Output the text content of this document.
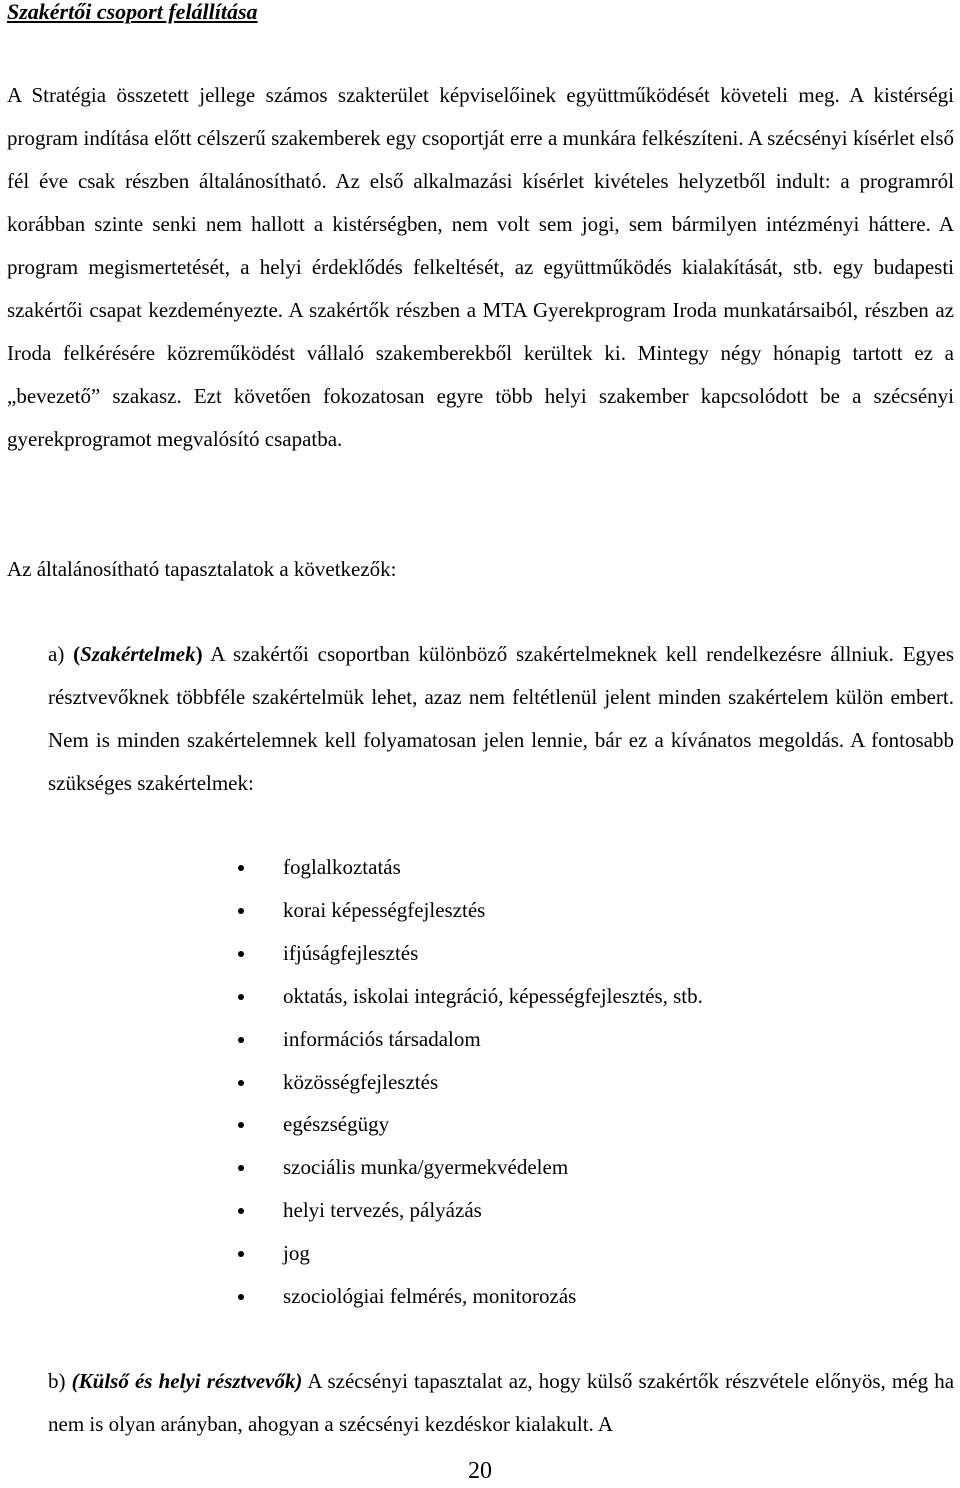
Szakértői csoport felállítása

A Stratégia összetett jellege számos szakterület képviselőinek együttműködését követeli meg. A kistérségi program indítása előtt célszerű szakemberek egy csoportját erre a munkára felkészíteni. A szécsényi kísérlet első fél éve csak részben általánosítható. Az első alkalmazási kísérlet kivételes helyzetből indult: a programról korábban szinte senki nem hallott a kistérségben, nem volt sem jogi, sem bármilyen intézményi háttere. A program megismertetését, a helyi érdeklődés felkeltését, az együttműködés kialakítását, stb. egy budapesti szakértői csapat kezdeményezte. A szakértők részben a MTA Gyerekprogram Iroda munkatársaiból, részben az Iroda felkérésére közreműködést vállaló szakemberekből kerültek ki. Mintegy négy hónapig tartott ez a „bevezető” szakasz. Ezt követően fokozatosan egyre több helyi szakember kapcsolódott be a szécsényi gyerekprogramot megvalósító csapatba.

Az általánosítható tapasztalatok a következők:

a) (Szakértelmek) A szakértői csoportban különböző szakértelmeknek kell rendelkezésre állniuk. Egyes résztvevőknek többféle szakértelmük lehet, azaz nem feltétlenül jelent minden szakértelem külön embert. Nem is minden szakértelemnek kell folyamatosan jelen lennie, bár ez a kívánatos megoldás. A fontosabb szükséges szakértelmek:

foglalkoztatás
korai képességfejlesztés
ifjúságfejlesztés
oktatás, iskolai integráció, képességfejlesztés, stb.
információs társadalom
közösségfejlesztés
egészségügy
szociális munka/gyermekvédelem
helyi tervezés, pályázás
jog
szociológiai felmérés, monitorozás

b) (Külső és helyi résztvevők) A szécsényi tapasztalat az, hogy külső szakértők részvétele előnyös, még ha nem is olyan arányban, ahogyan a szécsényi kezdéskor kialakult. A

20
